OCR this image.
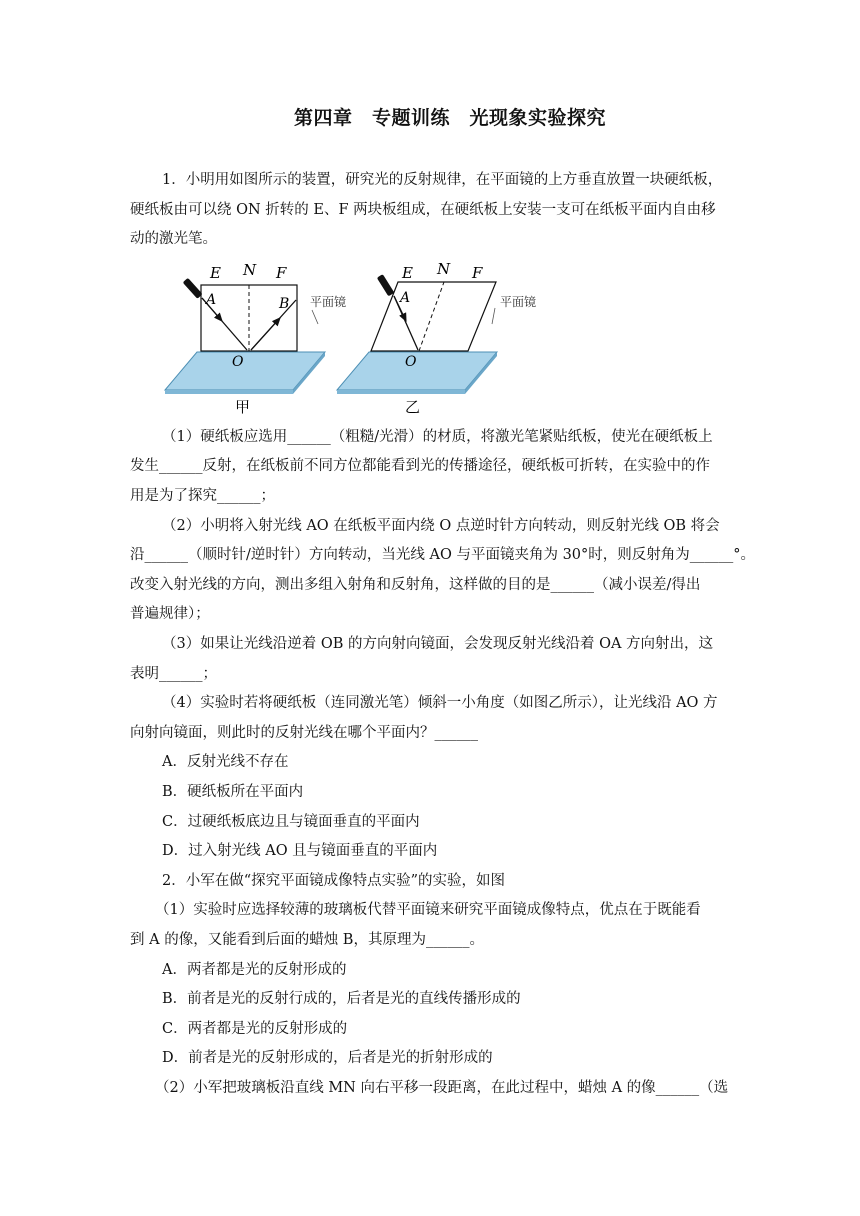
第四章　专题训练　光现象实验探究
1．小明用如图所示的装置，研究光的反射规律，在平面镜的上方垂直放置一块硬纸板，
硬纸板由可以绕 ON 折转的 E、F 两块板组成，在硬纸板上安装一支可在纸板平面内自由移
动的激光笔。
E N F
A	B
O
平面镜
甲
E N F
A
O
平面镜
乙
（1）硬纸板应选用______（粗糙/光滑）的材质，将激光笔紧贴纸板，使光在硬纸板上
发生______反射，在纸板前不同方位都能看到光的传播途径，硬纸板可折转，在实验中的作
用是为了探究______；
（2）小明将入射光线 AO 在纸板平面内绕 O 点逆时针方向转动，则反射光线 OB 将会
沿______（顺时针/逆时针）方向转动，当光线 AO 与平面镜夹角为 30°时，则反射角为______°。
改变入射光线的方向，测出多组入射角和反射角，这样做的目的是______（减小误差/得出
普遍规律）；
（3）如果让光线沿逆着 OB 的方向射向镜面，会发现反射光线沿着 OA 方向射出，这
表明______；
（4）实验时若将硬纸板（连同激光笔）倾斜一小角度（如图乙所示），让光线沿 AO 方
向射向镜面，则此时的反射光线在哪个平面内？______
A．反射光线不存在
B．硬纸板所在平面内
C．过硬纸板底边且与镜面垂直的平面内
D．过入射光线 AO 且与镜面垂直的平面内
2．小军在做“探究平面镜成像特点实验”的实验，如图
（1）实验时应选择较薄的玻璃板代替平面镜来研究平面镜成像特点，优点在于既能看
到 A 的像，又能看到后面的蜡烛 B，其原理为______。
A．两者都是光的反射形成的
B．前者是光的反射行成的，后者是光的直线传播形成的
C．两者都是光的反射形成的
D．前者是光的反射形成的，后者是光的折射形成的
（2）小军把玻璃板沿直线 MN 向右平移一段距离，在此过程中，蜡烛 A 的像______（选
